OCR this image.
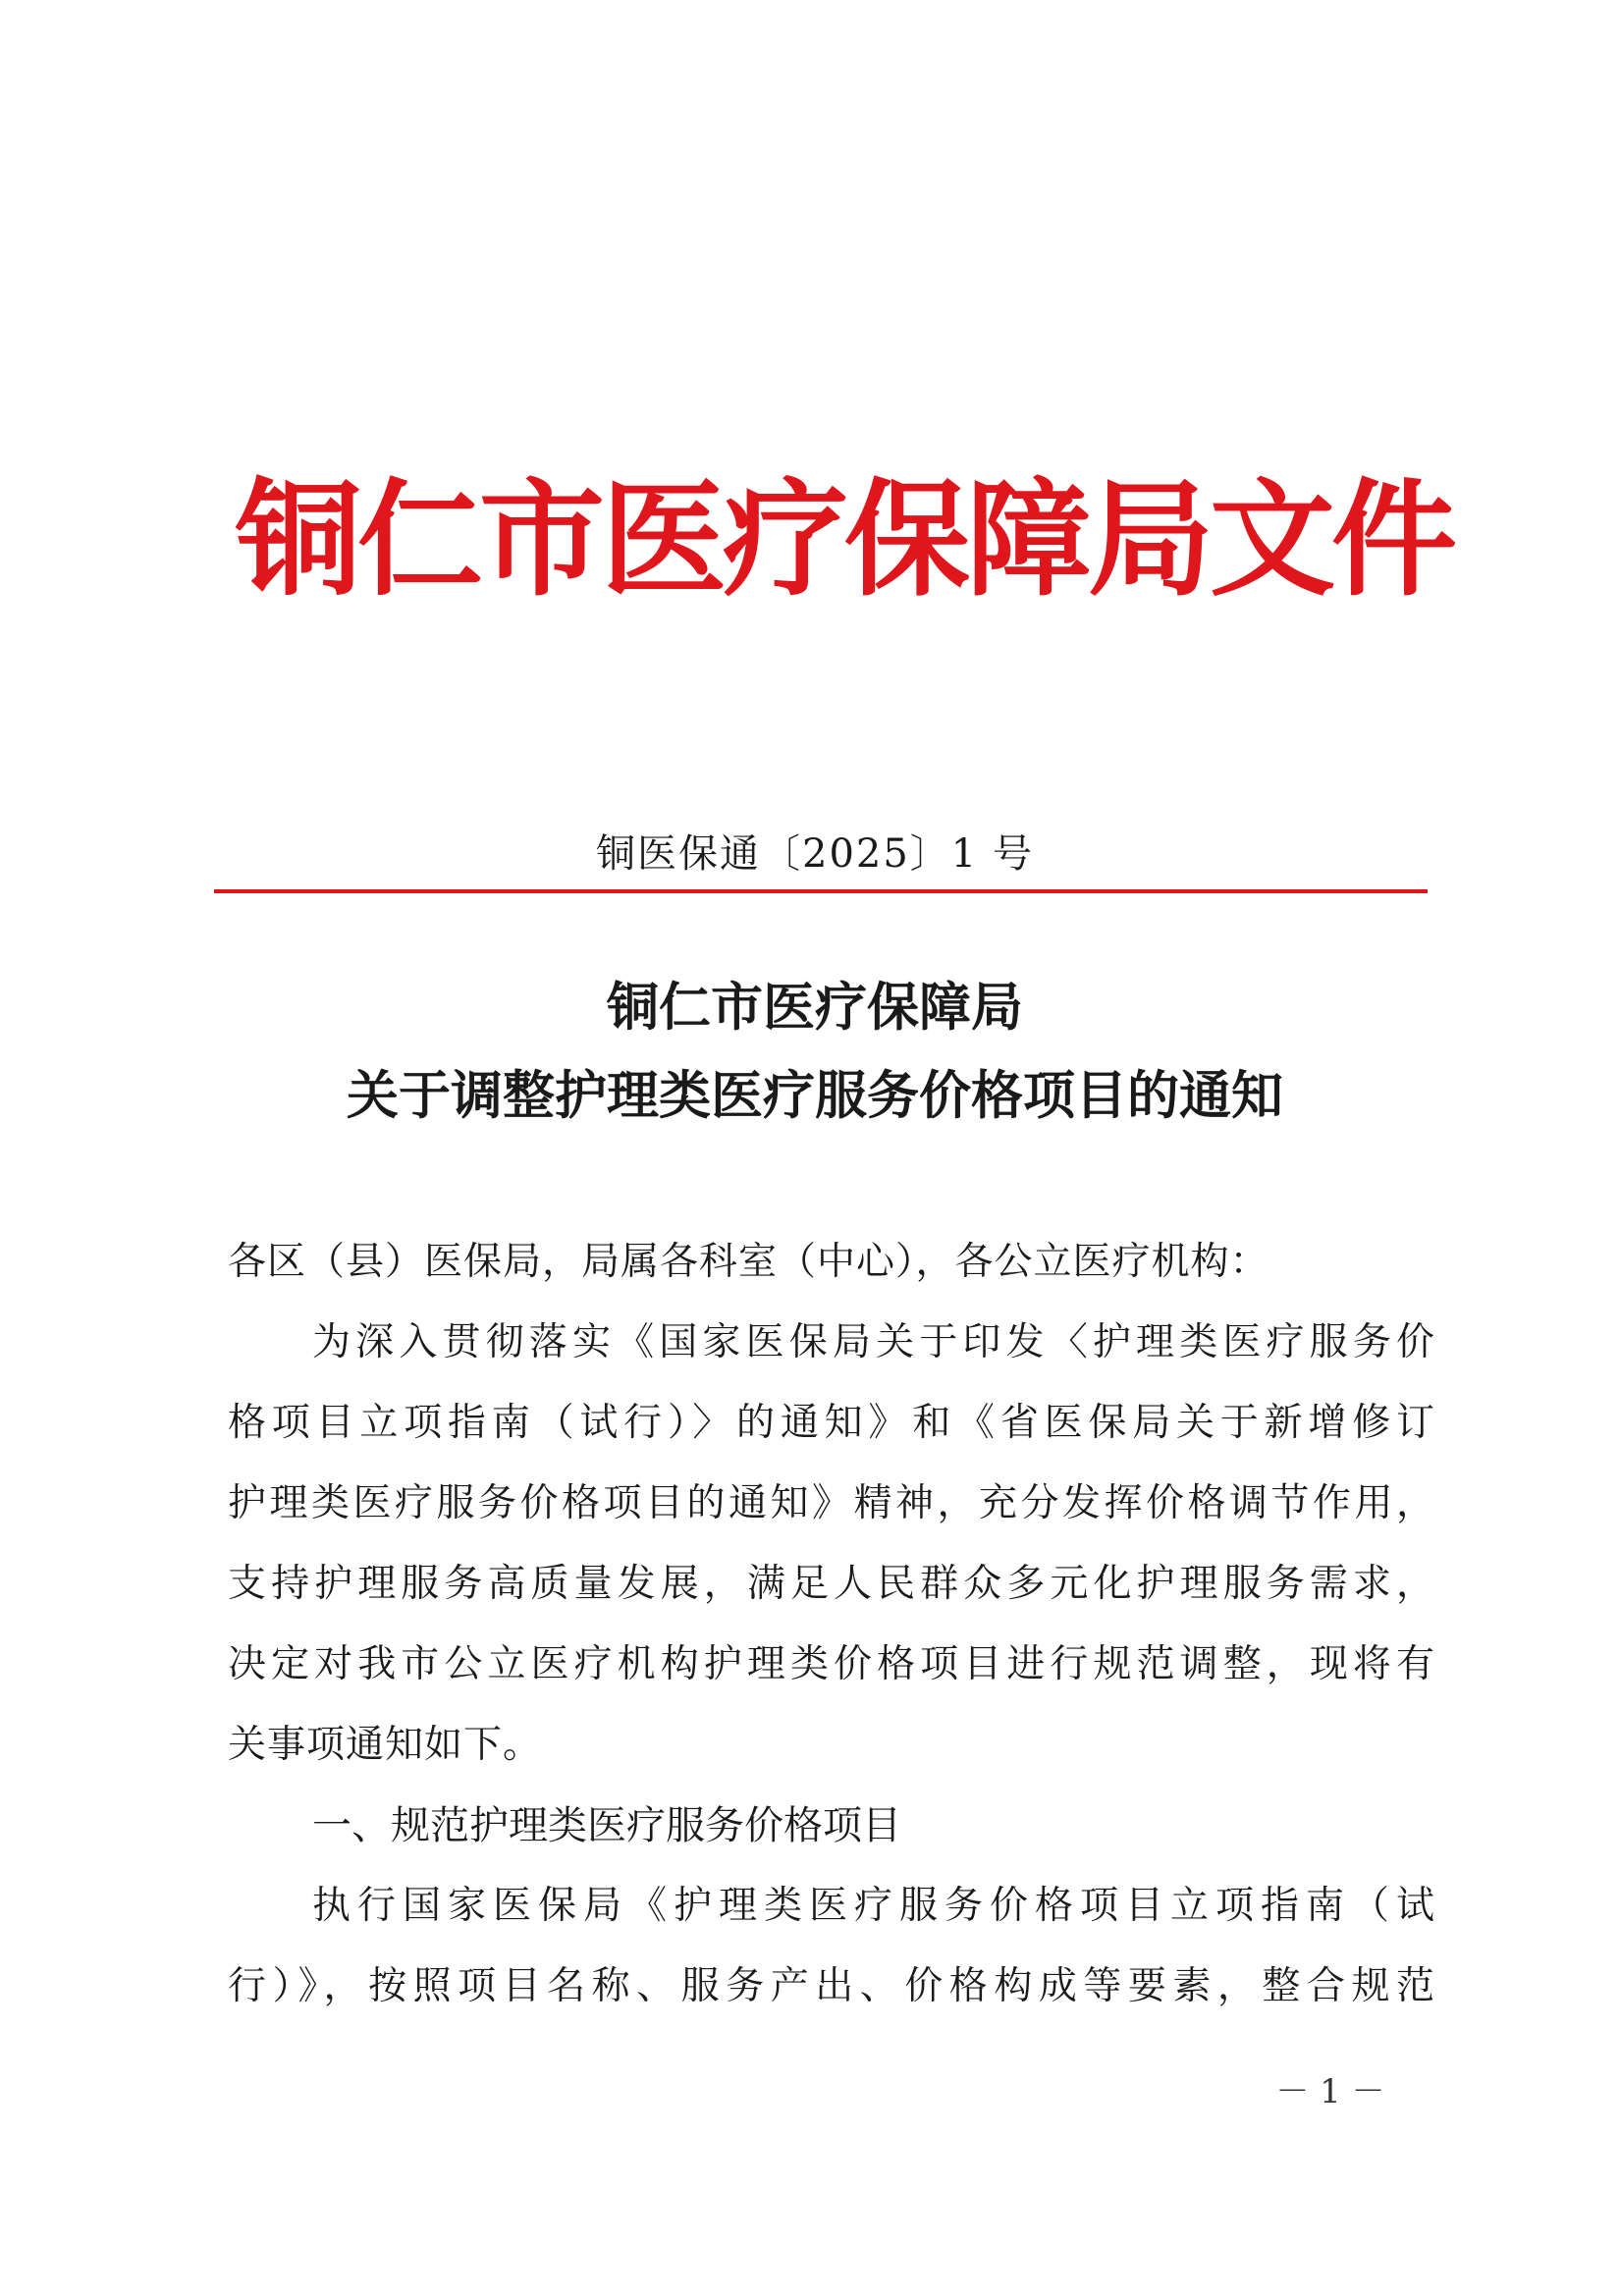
铜仁市医疗保障局文件
铜医保通〔2025〕1 号
铜仁市医疗保障局
关于调整护理类医疗服务价格项目的通知
各区（县）医保局，局属各科室（中心），各公立医疗机构：
为深入贯彻落实《国家医保局关于印发〈护理类医疗服务价
格项目立项指南（试行）〉的通知》和《省医保局关于新增修订
护理类医疗服务价格项目的通知》精神，充分发挥价格调节作用，
支持护理服务高质量发展，满足人民群众多元化护理服务需求，
决定对我市公立医疗机构护理类价格项目进行规范调整，现将有
关事项通知如下。
一、规范护理类医疗服务价格项目
执行国家医保局《护理类医疗服务价格项目立项指南（试
行）》，按照项目名称、服务产出、价格构成等要素，整合规范
－ 1 －
